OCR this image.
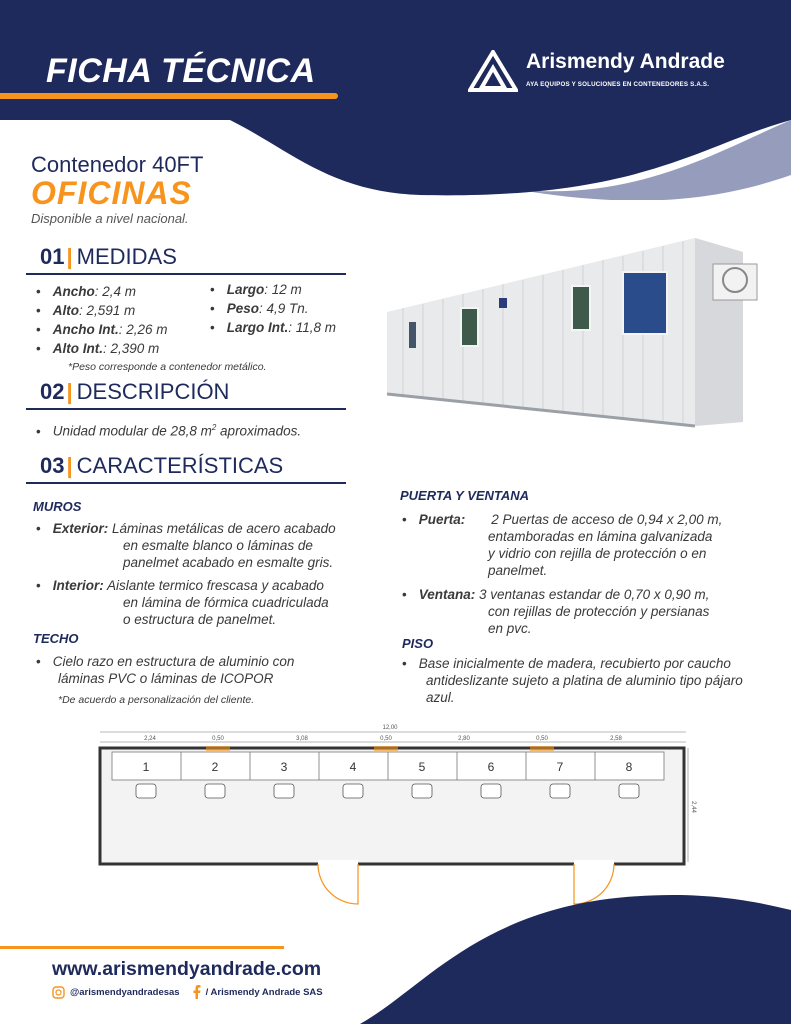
FICHA TÉCNICA	Arismendy Andrade
AYA EQUIPOS Y SOLUCIONES EN CONTENEDORES S.A.S.
Contenedor 40FT
OFICINAS
Disponible a nivel nacional.
01| MEDIDAS
• Ancho: 2,4 m
• Alto: 2,591 m
• Ancho Int.: 2,26 m
• Alto Int.: 2,390 m
• Largo: 12 m
• Peso: 4,9 Tn.
• Largo Int.: 11,8 m
*Peso corresponde a contenedor metálico.
02| DESCRIPCIÓN
• Unidad modular de 28,8 $m^2$ aproximados.
03| CARACTERÍSTICAS
MUROS
• Exterior: Láminas metálicas de acero acabado
en esmalte blanco o láminas de
panelmet acabado en esmalte gris.
• Interior: Aislante termico frescasa y acabado
en lámina de fórmica cuadriculada
o estructura de panelmet.
TECHO
• Cielo razo en estructura de aluminio con
láminas PVC o láminas de ICOPOR
*De acuerdo a personalización del cliente.
PUERTA Y VENTANA
• Puerta: 2 Puertas de acceso de 0,94 x 2,00 m,
entamboradas en lámina galvanizada
y vidrio con rejilla de protección o en
panelmet.
• Ventana: 3 ventanas estandar de 0,70 x 0,90 m,
con rejillas de protección y persianas
en pvc.
PISO
• Base inicialmente de madera, recubierto por caucho
antideslizante sujeto a platina de aluminio tipo pájaro
azul.
12,00
2,24	0,50	3,08	0,50	2,80	0,50	2,58
2,44
1	2	3	4	5	6	7	8
www.arismendyandrade.com
@arismendyandradesas	/ Arismendy Andrade SAS
